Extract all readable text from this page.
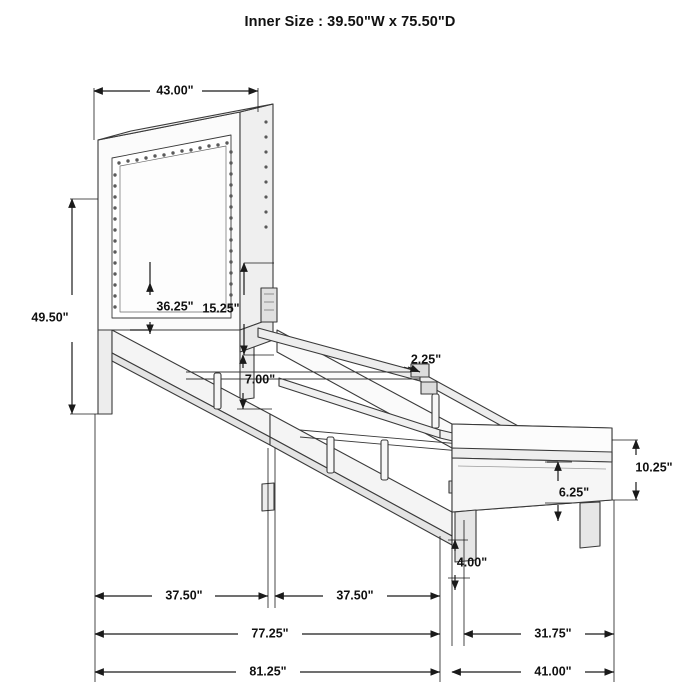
Inner Size : 39.50"W x 75.50"D
43.00"
49.50"
36.25" 15.25"
7.00"
2.25"
10.25"
6.25"
4.00"
37.50"	37.50"
77.25"	31.75"
81.25"	41.00"
